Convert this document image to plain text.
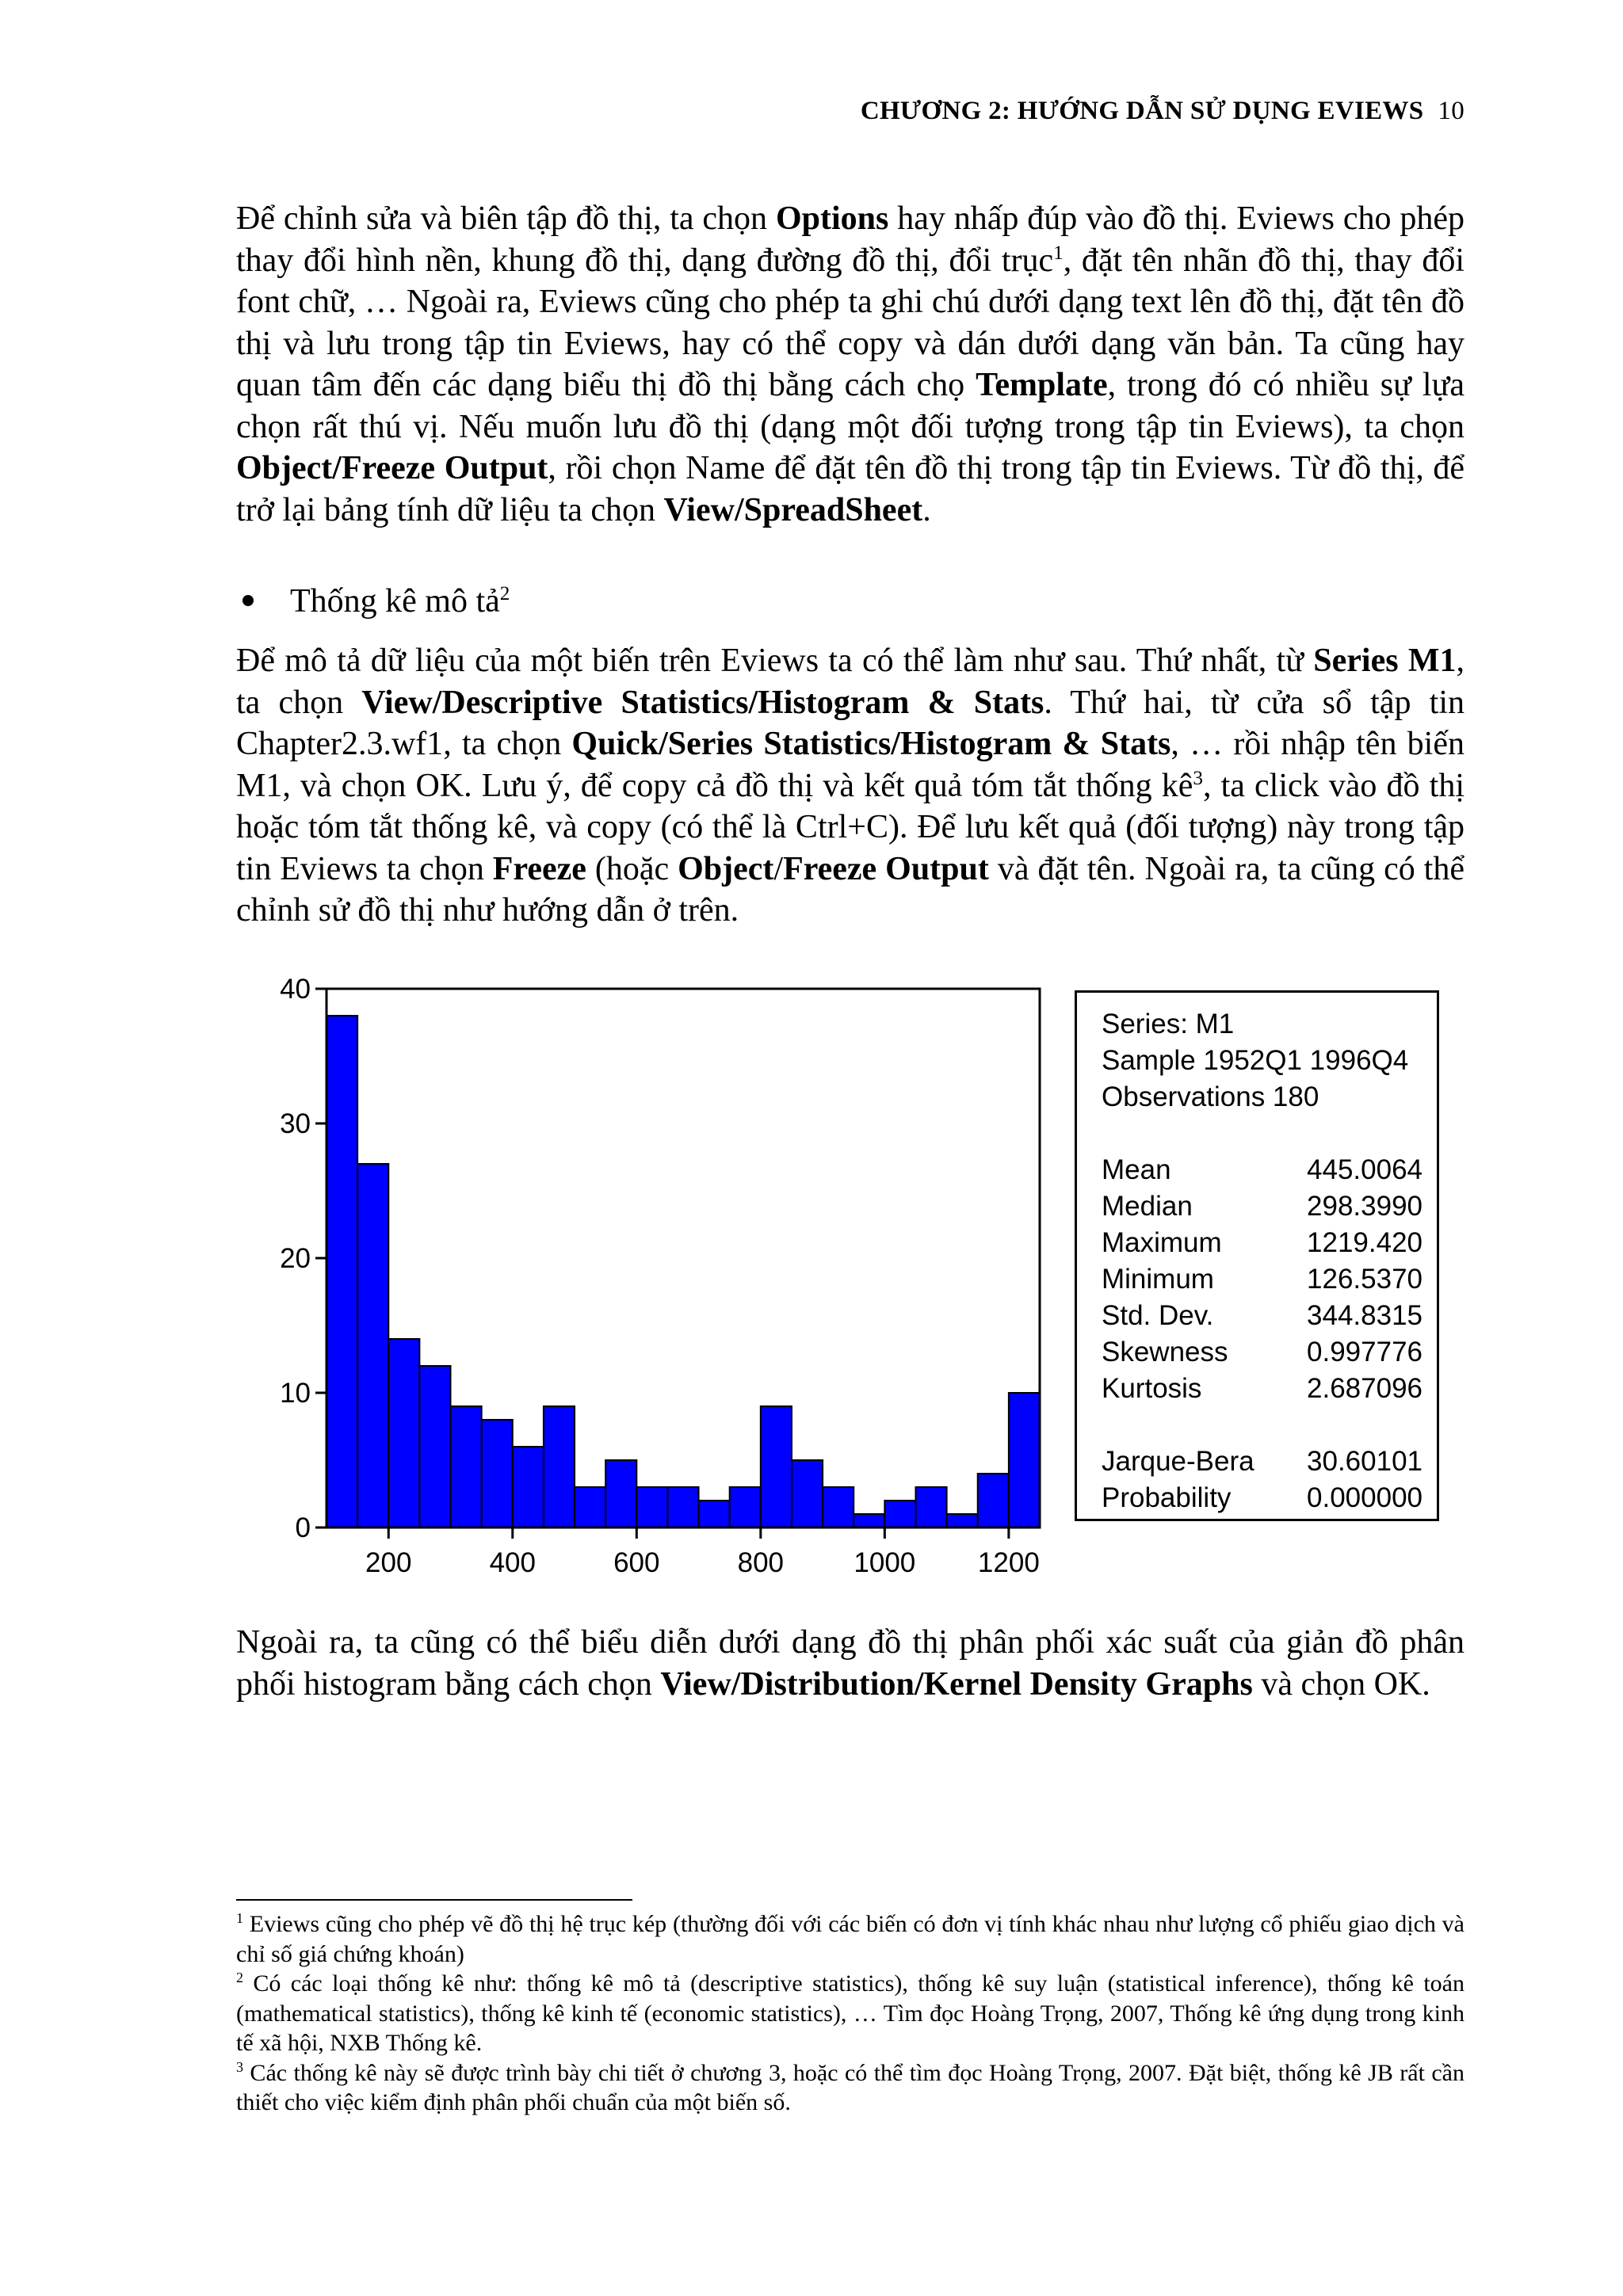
CHƯƠNG 2: HƯỚNG DẪN SỬ DỤNG EVIEWS 10
Để chỉnh sửa và biên tập đồ thị, ta chọn Options hay nhấp đúp vào đồ thị. Eviews cho phép thay đổi hình nền, khung đồ thị, dạng đường đồ thị, đổi trục$^1$, đặt tên nhãn đồ thị, thay đổi font chữ, … Ngoài ra, Eviews cũng cho phép ta ghi chú dưới dạng text lên đồ thị, đặt tên đồ thị và lưu trong tập tin Eviews, hay có thể copy và dán dưới dạng văn bản. Ta cũng hay quan tâm đến các dạng biểu thị đồ thị bằng cách chọ Template, trong đó có nhiều sự lựa chọn rất thú vị. Nếu muốn lưu đồ thị (dạng một đối tượng trong tập tin Eviews), ta chọn Object/Freeze Output, rồi chọn Name để đặt tên đồ thị trong tập tin Eviews. Từ đồ thị, để trở lại bảng tính dữ liệu ta chọn View/SpreadSheet.
Thống kê mô tả$^2$
Để mô tả dữ liệu của một biến trên Eviews ta có thể làm như sau. Thứ nhất, từ Series M1, ta chọn View/Descriptive Statistics/Histogram & Stats. Thứ hai, từ cửa sổ tập tin Chapter2.3.wf1, ta chọn Quick/Series Statistics/Histogram & Stats, … rồi nhập tên biến M1, và chọn OK. Lưu ý, để copy cả đồ thị và kết quả tóm tắt thống $kê^3$, ta click vào đồ thị hoặc tóm tắt thống kê, và copy (có thể là Ctrl+C). Để lưu kết quả (đối tượng) này trong tập tin Eviews ta chọn Freeze (hoặc Object/Freeze Output và đặt tên. Ngoài ra, ta cũng có thể chỉnh sử đồ thị như hướng dẫn ở trên.
0
10
20
30
40
200	400	600	800	1000 1200
Series: M1
Sample 1952Q1 1996Q4
Observations 180
Mean	445.0064
Median	298.3990
Maximum	1219.420
Minimum	126.5370
Std. Dev.	344.8315
Skewness	0.997776
Kurtosis	2.687096
Jarque-Bera 30.60101
Probability	0.000000
Ngoài ra, ta cũng có thể biểu diễn dưới dạng đồ thị phân phối xác suất của giản đồ phân phối histogram bằng cách chọn View/Distribution/Kernel Density Graphs và chọn OK.

$^1$ Eviews cũng cho phép vẽ đồ thị hệ trục kép (thường đối với các biến có đơn vị tính khác nhau như lượng cổ phiếu giao dịch và chỉ số giá chứng khoán)

$^2$ Có các loại thống kê như: thống kê mô tả (descriptive statistics), thống kê suy luận (statistical inference), thống kê toán (mathematical statistics), thống kê kinh tế (economic statistics), … Tìm đọc Hoàng Trọng, 2007, Thống kê ứng dụng trong kinh tế xã hội, NXB Thống kê.

$^3$ Các thống kê này sẽ được trình bày chi tiết ở chương 3, hoặc có thể tìm đọc Hoàng Trọng, 2007. Đặt biệt, thống kê JB rất cần thiết cho việc kiểm định phân phối chuẩn của một biến số.
